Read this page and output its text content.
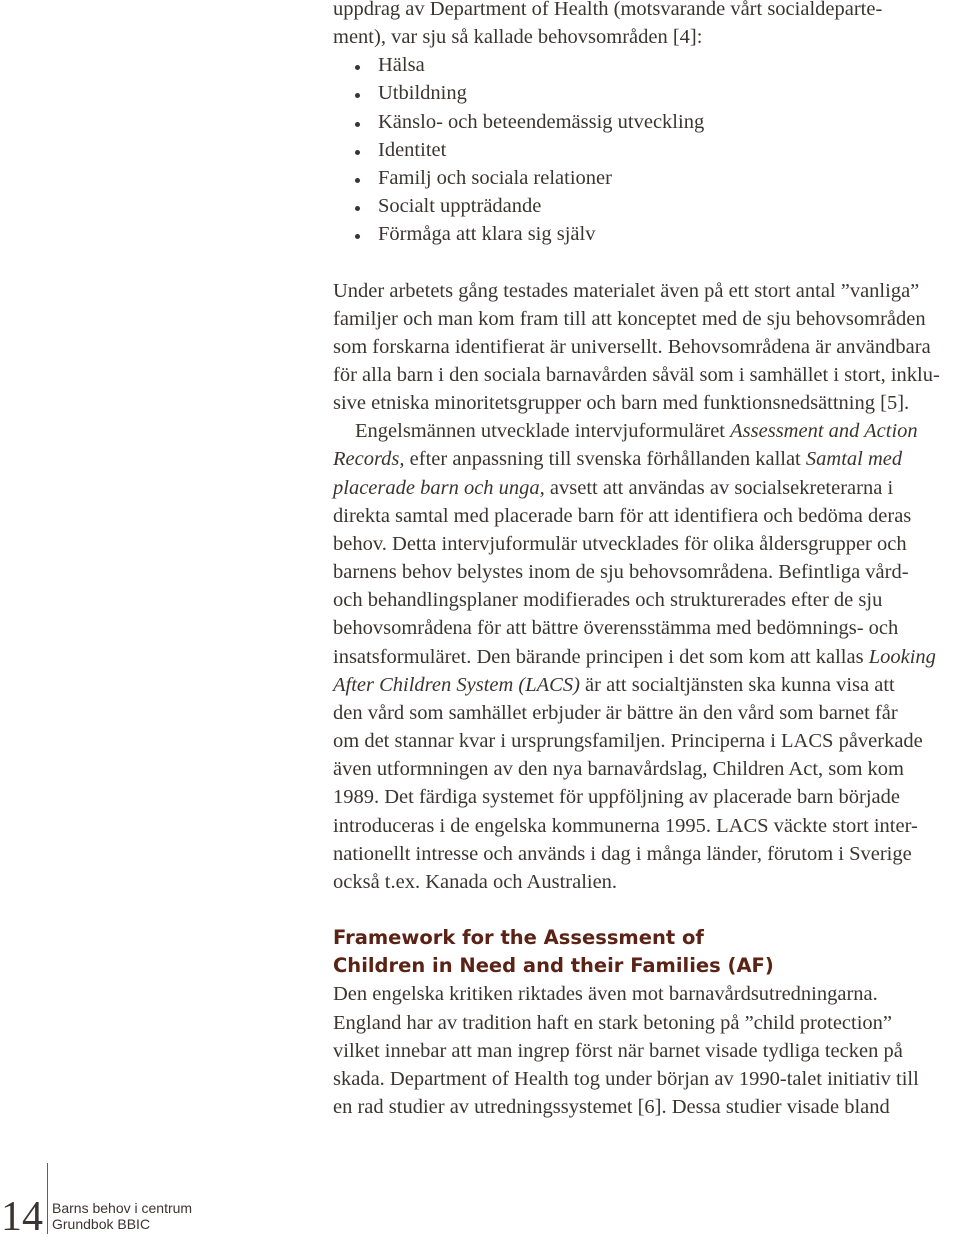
uppdrag av Department of Health (motsvarande vårt socialdeparte-
ment), var sju så kallade behovsområden [4]:
Hälsa
Utbildning
Känslo- och beteendemässig utveckling
Identitet
Familj och sociala relationer
Socialt uppträdande
Förmåga att klara sig själv
Under arbetets gång testades materialet även på ett stort antal ”vanliga”
familjer och man kom fram till att konceptet med de sju behovsområden
som forskarna identifierat är universellt. Behovsområdena är användbara
för alla barn i den sociala barnavården såväl som i samhället i stort, inklu-
sive etniska minoritetsgrupper och barn med funktionsnedsättning [5].
Engelsmännen utvecklade intervjuformuläret Assessment and Action
Records, efter anpassning till svenska förhållanden kallat Samtal med
placerade barn och unga, avsett att användas av socialsekreterarna i
direkta samtal med placerade barn för att identifiera och bedöma deras
behov. Detta intervjuformulär utvecklades för olika åldersgrupper och
barnens behov belystes inom de sju behovsområdena. Befintliga vård-
och behandlingsplaner modifierades och strukturerades efter de sju
behovsområdena för att bättre överensstämma med bedömnings- och
insatsformuläret. Den bärande principen i det som kom att kallas Looking
After Children System (LACS) är att socialtjänsten ska kunna visa att
den vård som samhället erbjuder är bättre än den vård som barnet får
om det stannar kvar i ursprungsfamiljen. Principerna i LACS påverkade
även utformningen av den nya barnavårdslag, Children Act, som kom
1989. Det färdiga systemet för uppföljning av placerade barn började
introduceras i de engelska kommunerna 1995. LACS väckte stort inter-
nationellt intresse och används i dag i många länder, förutom i Sverige
också t.ex. Kanada och Australien.
Framework for the Assessment of
Children in Need and their Families (AF)
Den engelska kritiken riktades även mot barnavårdsutredningarna.
England har av tradition haft en stark betoning på ”child protection”
vilket innebar att man ingrep först när barnet visade tydliga tecken på
skada. Department of Health tog under början av 1990-talet initiativ till
en rad studier av utredningssystemet [6]. Dessa studier visade bland
14 Barns behov i centrum
Grundbok BBIC
